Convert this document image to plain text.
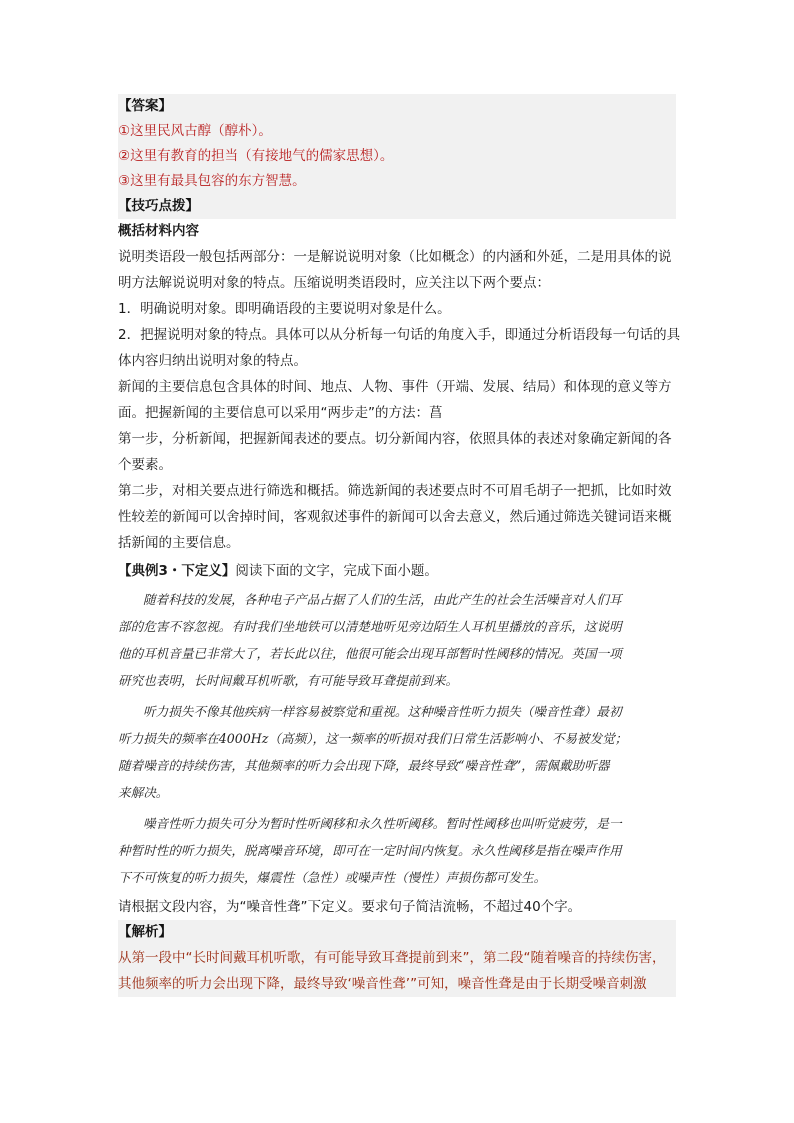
【答案】
①这里民风古醇（醇朴）。
②这里有教育的担当（有接地气的儒家思想）。
③这里有最具包容的东方智慧。
【技巧点拨】
概括材料内容
说明类语段一般包括两部分：一是解说说明对象（比如概念）的内涵和外延，二是用具体的说
明方法解说说明对象的特点。压缩说明类语段时，应关注以下两个要点：
1．明确说明对象。即明确语段的主要说明对象是什么。
2．把握说明对象的特点。具体可以从分析每一句话的角度入手，即通过分析语段每一句话的具
体内容归纳出说明对象的特点。
新闻的主要信息包含具体的时间、地点、人物、事件（开端、发展、结局）和体现的意义等方
面。把握新闻的主要信息可以采用“两步走”的方法：菖
第一步，分析新闻，把握新闻表述的要点。切分新闻内容，依照具体的表述对象确定新闻的各
个要素。
第二步，对相关要点进行筛选和概括。筛选新闻的表述要点时不可眉毛胡子一把抓，比如时效
性较差的新闻可以舍掉时间，客观叙述事件的新闻可以舍去意义，然后通过筛选关键词语来概
括新闻的主要信息。
【典例3・下定义】阅读下面的文字，完成下面小题。
随着科技的发展，各种电子产品占据了人们的生活，由此产生的社会生活噪音对人们耳
部的危害不容忽视。有时我们坐地铁可以清楚地听见旁边陌生人耳机里播放的音乐，这说明
他的耳机音量已非常大了，若长此以往，他很可能会出现耳部暂时性阈移的情况。英国一项
研究也表明，长时间戴耳机听歌，有可能导致耳聋提前到来。
听力损失不像其他疾病一样容易被察觉和重视。这种噪音性听力损失（噪音性聋）最初
听力损失的频率在4000Hz（高频），这一频率的听损对我们日常生活影响小、不易被发觉；
随着噪音的持续伤害，其他频率的听力会出现下降，最终导致“噪音性聋”，需佩戴助听器
来解决。
噪音性听力损失可分为暂时性听阈移和永久性听阈移。暂时性阈移也叫听觉疲劳，是一
种暂时性的听力损失，脱离噪音环境，即可在一定时间内恢复。永久性阈移是指在噪声作用
下不可恢复的听力损失，爆震性（急性）或噪声性（慢性）声损伤都可发生。
请根据文段内容，为“噪音性聋”下定义。要求句子简洁流畅，不超过40个字。
【解析】
从第一段中“长时间戴耳机听歌，有可能导致耳聋提前到来”，第二段“随着噪音的持续伤害，
其他频率的听力会出现下降，最终导致‘噪音性聋’”可知，噪音性聋是由于长期受噪音刺激
